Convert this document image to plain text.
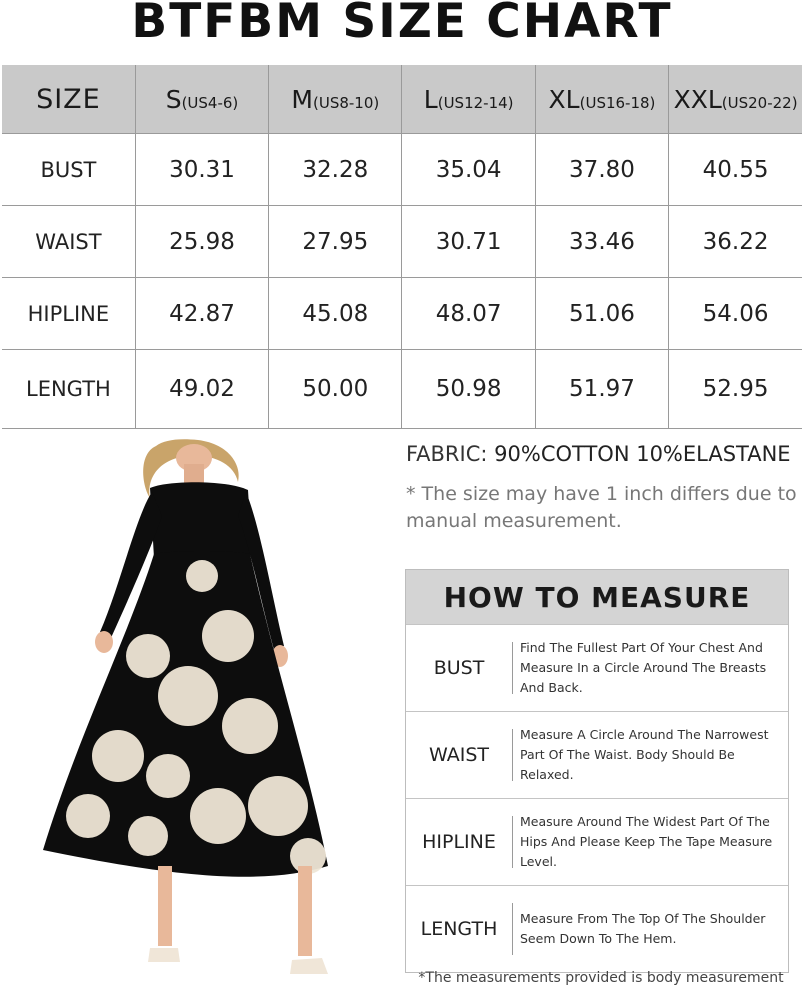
BTFBM SIZE CHART
SIZE	S(US4-6)	M(US8-10)	L(US12-14)	XL(US16-18)	XXL(US20-22)
BUST	30.31	32.28	35.04	37.80	40.55
WAIST	25.98	27.95	30.71	33.46	36.22
HIPLINE	42.87	45.08	48.07	51.06	54.06
LENGTH	49.02	50.00	50.98	51.97	52.95
FABRIC: 90%COTTON 10%ELASTANE
* The size may have 1 inch differs due to manual measurement.
HOW TO MEASURE
BUST
Find The Fullest Part Of Your Chest And Measure In a Circle Around The Breasts And Back.
WAIST
Measure A Circle Around The Narrowest Part Of The Waist. Body Should Be Relaxed.
HIPLINE
Measure Around The Widest Part Of The Hips And Please Keep The Tape Measure Level.
LENGTH	Measure From The Top Of The Shoulder Seem Down To The Hem.
*The measurements provided is body measurement
